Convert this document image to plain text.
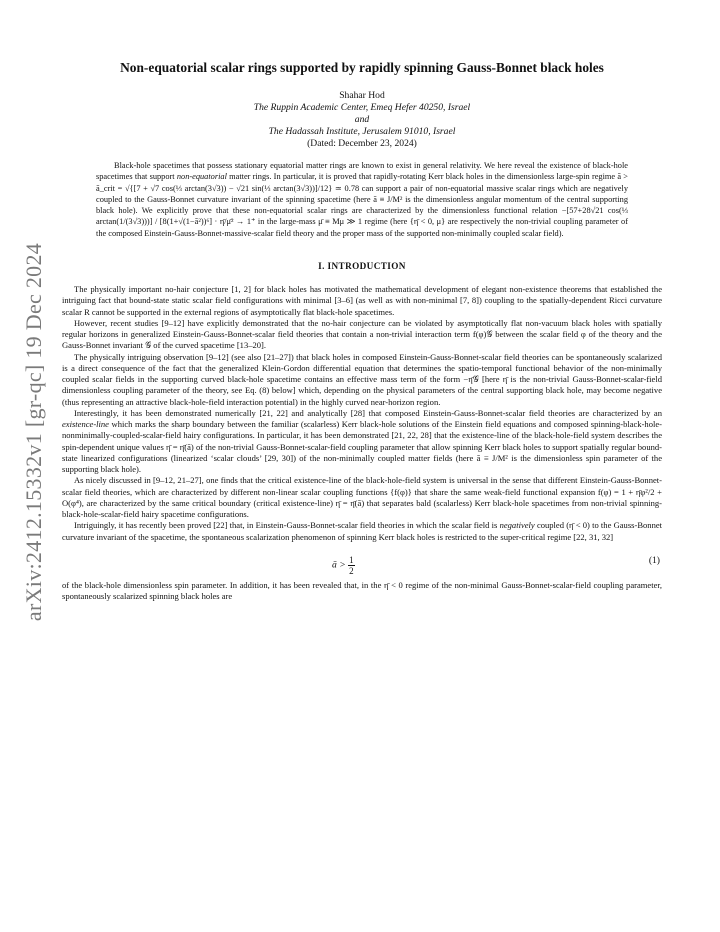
arXiv:2412.15332v1 [gr-qc] 19 Dec 2024
Non-equatorial scalar rings supported by rapidly spinning Gauss-Bonnet black holes
Shahar Hod
The Ruppin Academic Center, Emeq Hefer 40250, Israel
and
The Hadassah Institute, Jerusalem 91010, Israel
(Dated: December 23, 2024)
Black-hole spacetimes that possess stationary equatorial matter rings are known to exist in general relativity. We here reveal the existence of black-hole spacetimes that support non-equatorial matter rings. In particular, it is proved that rapidly-rotating Kerr black holes in the dimensionless large-spin regime ā > ā_crit = √{[7 + √7 cos(⅓ arctan(3√3)) − √21 sin(⅓ arctan(3√3))]/12} ≃ 0.78 can support a pair of non-equatorial massive scalar rings which are negatively coupled to the Gauss-Bonnet curvature invariant of the spinning spacetime (here ā ≡ J/M² is the dimensionless angular momentum of the central supporting black hole). We explicitly prove that these non-equatorial scalar rings are characterized by the dimensionless functional relation −[57+28√21 cos(⅓ arctan(1/(3√3)))] / [8(1+√(1−ā²))⁶] · η̄/μ̄² → 1⁺ in the large-mass μ̄ ≡ Mμ ≫ 1 regime (here {η̄ < 0, μ} are respectively the non-trivial coupling parameter of the composed Einstein-Gauss-Bonnet-massive-scalar field theory and the proper mass of the supported non-minimally coupled scalar field).
I. INTRODUCTION

The physically important no-hair conjecture [1, 2] for black holes has motivated the mathematical development of elegant non-existence theorems that established the intriguing fact that bound-state static scalar field configurations with minimal [3–6] (as well as with non-minimal [7, 8]) coupling to the spatially-dependent Ricci curvature scalar R cannot be supported in the external regions of asymptotically flat black-hole spacetimes.

However, recent studies [9–12] have explicitly demonstrated that the no-hair conjecture can be violated by asymptotically flat non-vacuum black holes with spatially regular horizons in generalized Einstein-Gauss-Bonnet-scalar field theories that contain a non-trivial interaction term f(φ)𝒢 between the scalar field φ of the theory and the Gauss-Bonnet invariant 𝒢 of the curved spacetime [13–20].

The physically intriguing observation [9–12] (see also [21–27]) that black holes in composed Einstein-Gauss-Bonnet-scalar field theories can be spontaneously scalarized is a direct consequence of the fact that the generalized Klein-Gordon differential equation that determines the spatio-temporal functional behavior of the non-minimally coupled scalar fields in the supporting curved black-hole spacetime contains an effective mass term of the form −η̄𝒢 [here η̄ is the non-trivial Gauss-Bonnet-scalar-field dimensionless coupling parameter of the theory, see Eq. (8) below] which, depending on the physical parameters of the central supporting black hole, may become negative (thus representing an attractive black-hole-field interaction potential) in the highly curved near-horizon region.

Interestingly, it has been demonstrated numerically [21, 22] and analytically [28] that composed Einstein-Gauss-Bonnet-scalar field theories are characterized by an existence-line which marks the sharp boundary between the familiar (scalarless) Kerr black-hole solutions of the Einstein field equations and composed spinning-black-hole-nonminimally-coupled-scalar-field hairy configurations. In particular, it has been demonstrated [21, 22, 28] that the existence-line of the black-hole-field system describes the spin-dependent unique values η̄ = η̄(ā) of the non-trivial Gauss-Bonnet-scalar-field coupling parameter that allow spinning Kerr black holes to support spatially regular bound-state linearized configurations (linearized ‘scalar clouds’ [29, 30]) of the non-minimally coupled matter fields (here ā ≡ J/M² is the dimensionless spin parameter of the supporting black hole).

As nicely discussed in [9–12, 21–27], one finds that the critical existence-line of the black-hole-field system is universal in the sense that different Einstein-Gauss-Bonnet-scalar field theories, which are characterized by different non-linear scalar coupling functions {f(φ)} that share the same weak-field functional expansion f(φ) = 1 + η̄φ²/2 + O(φ⁴), are characterized by the same critical boundary (critical existence-line) η̄ = η̄(ā) that separates bald (scalarless) Kerr black-hole spacetimes from non-trivial spinning-black-hole-scalar-field hairy spacetime configurations.

Intriguingly, it has recently been proved [22] that, in Einstein-Gauss-Bonnet-scalar field theories in which the scalar field is negatively coupled (η̄ < 0) to the Gauss-Bonnet curvature invariant of the spacetime, the spontaneous scalarization phenomenon of spinning Kerr black holes is restricted to the super-critical regime [22, 31, 32]

ā > $\frac{1}{2}$	(1)

of the black-hole dimensionless spin parameter. In addition, it has been revealed that, in the η̄ < 0 regime of the non-minimal Gauss-Bonnet-scalar-field coupling parameter, spontaneously scalarized spinning black holes are
